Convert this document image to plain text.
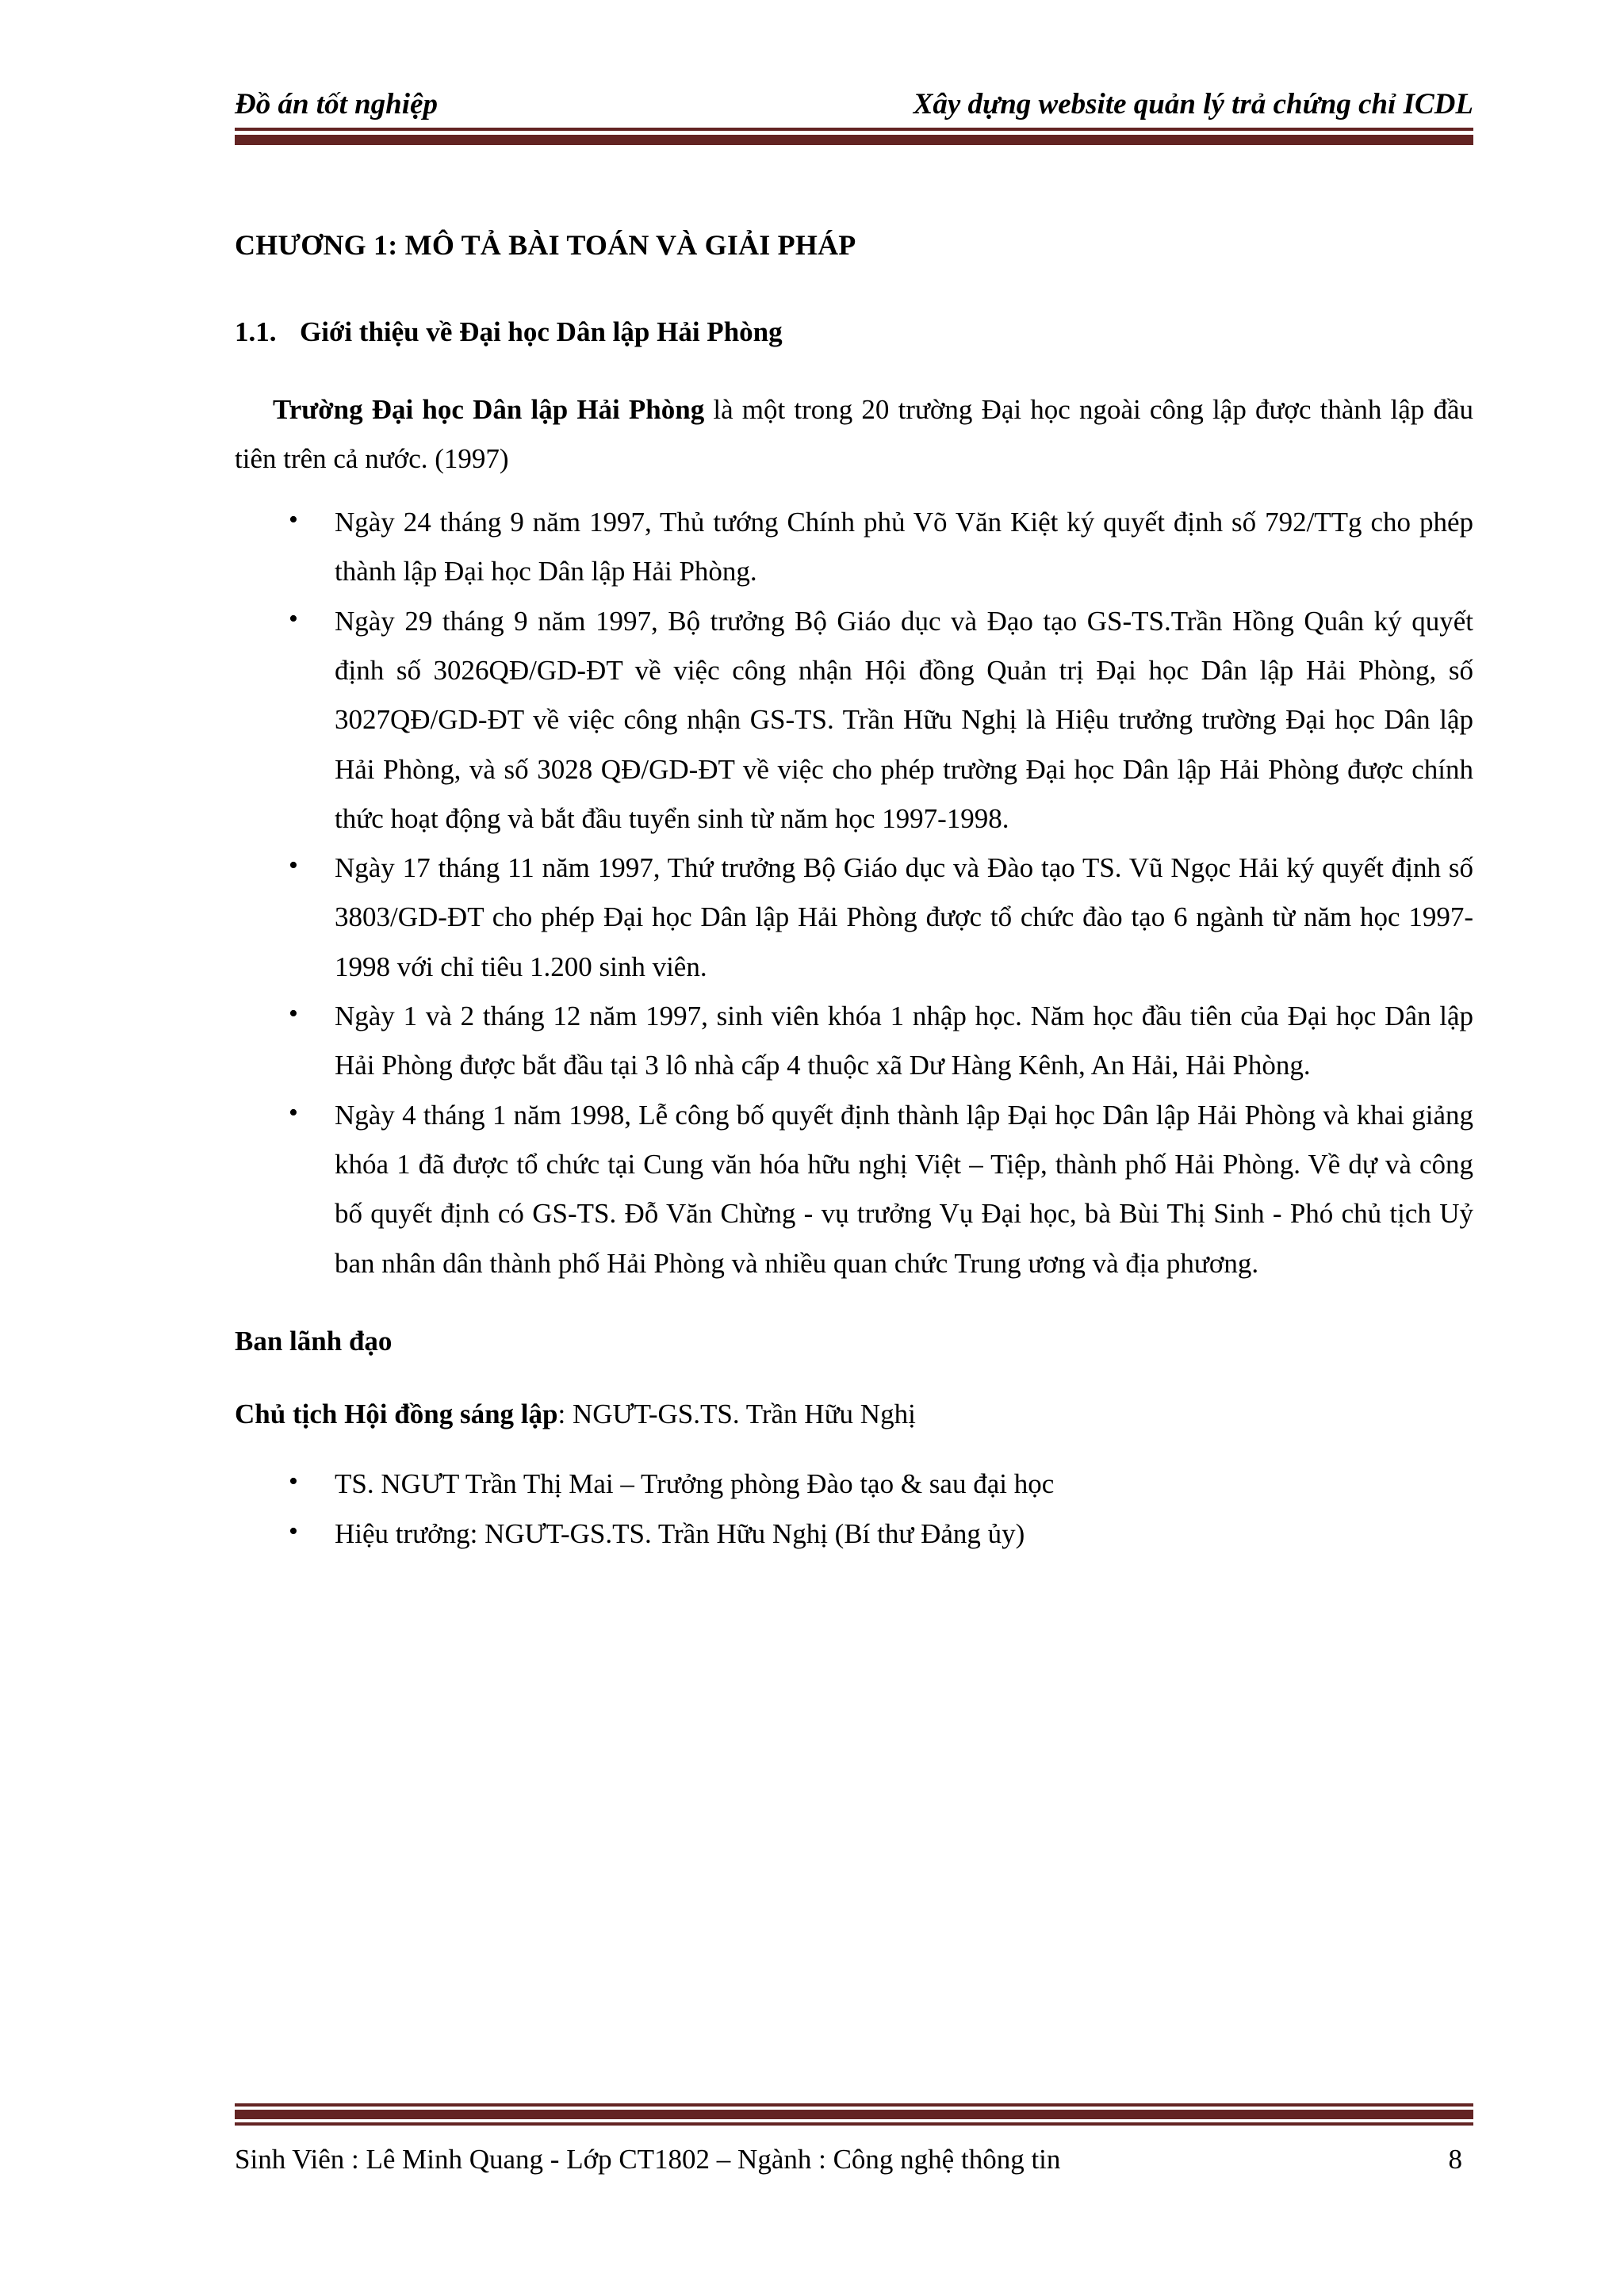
Đồ án tốt nghiệp	Xây dựng website quản lý trả chứng chỉ ICDL
CHƯƠNG 1: MÔ TẢ BÀI TOÁN VÀ GIẢI PHÁP
1.1. Giới thiệu về Đại học Dân lập Hải Phòng

Trường Đại học Dân lập Hải Phòng là một trong 20 trường Đại học ngoài công lập được thành lập đầu tiên trên cả nước. (1997)

• Ngày 24 tháng 9 năm 1997, Thủ tướng Chính phủ Võ Văn Kiệt ký quyết định số 792/TTg cho phép thành lập Đại học Dân lập Hải Phòng.
• Ngày 29 tháng 9 năm 1997, Bộ trưởng Bộ Giáo dục và Đạo tạo GS-TS.Trần Hồng Quân ký quyết định số 3026QĐ/GD-ĐT về việc công nhận Hội đồng Quản trị Đại học Dân lập Hải Phòng, số 3027QĐ/GD-ĐT về việc công nhận GS-TS. Trần Hữu Nghị là Hiệu trưởng trường Đại học Dân lập Hải Phòng, và số 3028 QĐ/GD-ĐT về việc cho phép trường Đại học Dân lập Hải Phòng được chính thức hoạt động và bắt đầu tuyển sinh từ năm học 1997-1998.
• Ngày 17 tháng 11 năm 1997, Thứ trưởng Bộ Giáo dục và Đào tạo TS. Vũ Ngọc Hải ký quyết định số 3803/GD-ĐT cho phép Đại học Dân lập Hải Phòng được tổ chức đào tạo 6 ngành từ năm học 1997-1998 với chỉ tiêu 1.200 sinh viên.
• Ngày 1 và 2 tháng 12 năm 1997, sinh viên khóa 1 nhập học. Năm học đầu tiên của Đại học Dân lập Hải Phòng được bắt đầu tại 3 lô nhà cấp 4 thuộc xã Dư Hàng Kênh, An Hải, Hải Phòng.
• Ngày 4 tháng 1 năm 1998, Lễ công bố quyết định thành lập Đại học Dân lập Hải Phòng và khai giảng khóa 1 đã được tổ chức tại Cung văn hóa hữu nghị Việt – Tiệp, thành phố Hải Phòng. Về dự và công bố quyết định có GS-TS. Đỗ Văn Chừng - vụ trưởng Vụ Đại học, bà Bùi Thị Sinh - Phó chủ tịch Uỷ ban nhân dân thành phố Hải Phòng và nhiều quan chức Trung ương và địa phương.

Ban lãnh đạo

Chủ tịch Hội đồng sáng lập: NGƯT-GS.TS. Trần Hữu Nghị

• TS. NGƯT Trần Thị Mai – Trưởng phòng Đào tạo & sau đại học
• Hiệu trưởng: NGƯT-GS.TS. Trần Hữu Nghị (Bí thư Đảng ủy)
Sinh Viên : Lê Minh Quang - Lớp CT1802 – Ngành : Công nghệ thông tin	8
